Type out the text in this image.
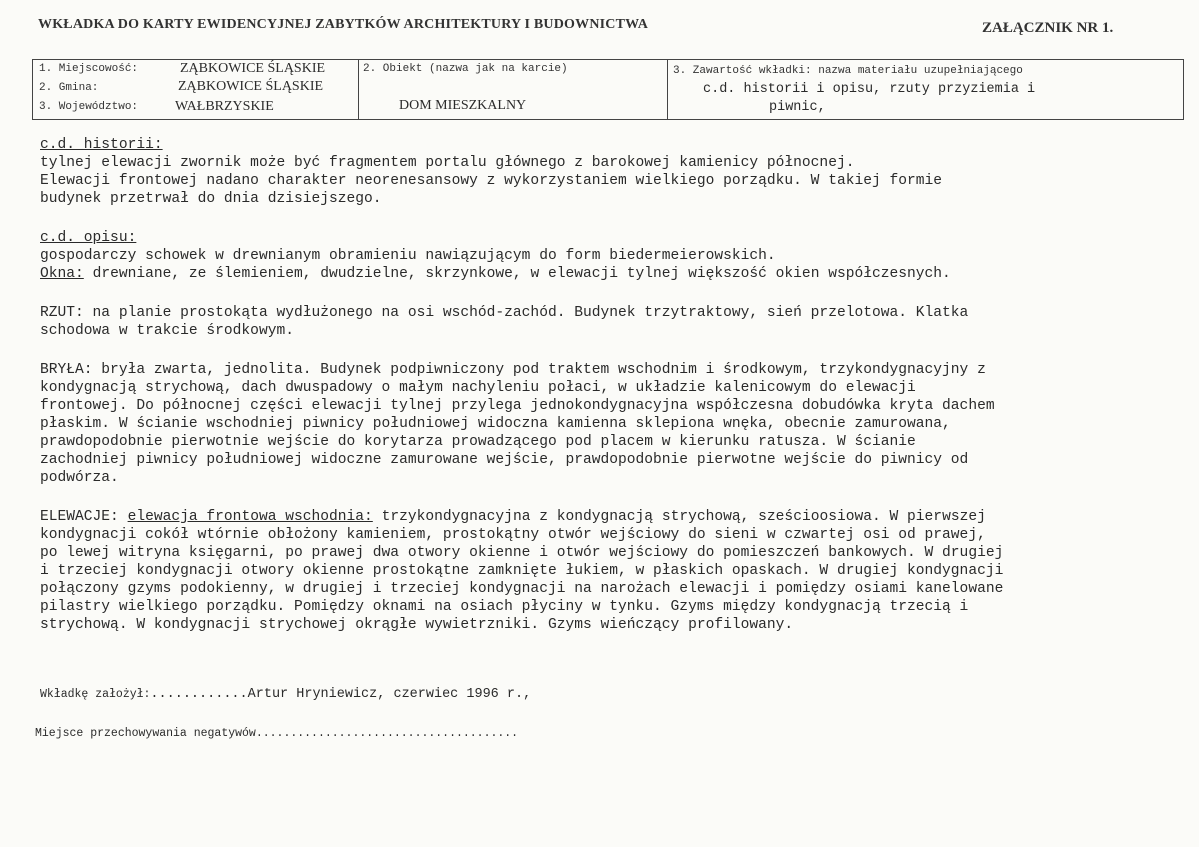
WKŁADKA DO KARTY EWIDENCYJNEJ ZABYTKÓW ARCHITEKTURY I BUDOWNICTWA	ZAŁĄCZNIK NR 1.
1. Miejscowość:	ZĄBKOWICE ŚLĄSKIE
2. Gmina:	ZĄBKOWICE ŚLĄSKIE
3. Województwo:	WAŁBRZYSKIE
2. Obiekt (nazwa jak na karcie)
DOM MIESZKALNY
3. Zawartość wkładki: nazwa materiału uzupełniającego
c.d. historii i opisu, rzuty przyziemia i
piwnic,
c.d. historii:
tylnej elewacji zwornik może być fragmentem portalu głównego z barokowej kamienicy północnej.
Elewacji frontowej nadano charakter neorenesansowy z wykorzystaniem wielkiego porządku. W takiej formie
budynek przetrwał do dnia dzisiejszego.
c.d. opisu:
gospodarczy schowek w drewnianym obramieniu nawiązującym do form biedermeierowskich.
Okna: drewniane, ze ślemieniem, dwudzielne, skrzynkowe, w elewacji tylnej większość okien współczesnych.
RZUT: na planie prostokąta wydłużonego na osi wschód-zachód. Budynek trzytraktowy, sień przelotowa. Klatka
schodowa w trakcie środkowym.
BRYŁA: bryła zwarta, jednolita. Budynek podpiwniczony pod traktem wschodnim i środkowym, trzykondygnacyjny z
kondygnacją strychową, dach dwuspadowy o małym nachyleniu połaci, w układzie kalenicowym do elewacji
frontowej. Do północnej części elewacji tylnej przylega jednokondygnacyjna współczesna dobudówka kryta dachem
płaskim. W ścianie wschodniej piwnicy południowej widoczna kamienna sklepiona wnęka, obecnie zamurowana,
prawdopodobnie pierwotnie wejście do korytarza prowadzącego pod placem w kierunku ratusza. W ścianie
zachodniej piwnicy południowej widoczne zamurowane wejście, prawdopodobnie pierwotne wejście do piwnicy od
podwórza.
ELEWACJE: elewacja frontowa wschodnia: trzykondygnacyjna z kondygnacją strychową, sześcioosiowa. W pierwszej
kondygnacji cokół wtórnie obłożony kamieniem, prostokątny otwór wejściowy do sieni w czwartej osi od prawej,
po lewej witryna księgarni, po prawej dwa otwory okienne i otwór wejściowy do pomieszczeń bankowych. W drugiej
i trzeciej kondygnacji otwory okienne prostokątne zamknięte łukiem, w płaskich opaskach. W drugiej kondygnacji
połączony gzyms podokienny, w drugiej i trzeciej kondygnacji na narożach elewacji i pomiędzy osiami kanelowane
pilastry wielkiego porządku. Pomiędzy oknami na osiach płyciny w tynku. Gzyms między kondygnacją trzecią i
strychową. W kondygnacji strychowej okrągłe wywietrzniki. Gzyms wieńczący profilowany.
Wkładkę założył:............Artur Hryniewicz, czerwiec 1996 r.,
Miejsce przechowywania negatywów......................................
